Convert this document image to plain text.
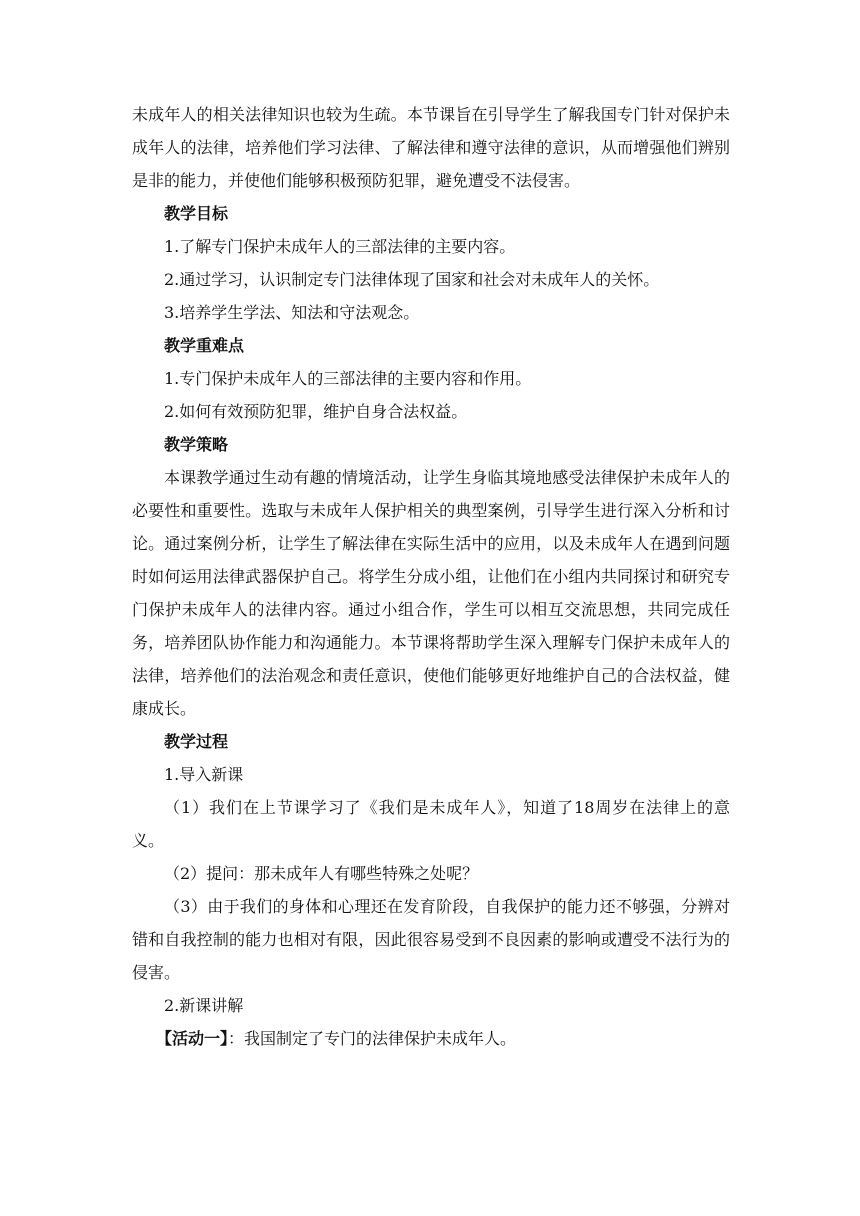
未成年人的相关法律知识也较为生疏。本节课旨在引导学生了解我国专门针对保护未成年人的法律，培养他们学习法律、了解法律和遵守法律的意识，从而增强他们辨别是非的能力，并使他们能够积极预防犯罪，避免遭受不法侵害。

教学目标

1.了解专门保护未成年人的三部法律的主要内容。

2.通过学习，认识制定专门法律体现了国家和社会对未成年人的关怀。

3.培养学生学法、知法和守法观念。

教学重难点

1.专门保护未成年人的三部法律的主要内容和作用。

2.如何有效预防犯罪，维护自身合法权益。

教学策略

本课教学通过生动有趣的情境活动，让学生身临其境地感受法律保护未成年人的必要性和重要性。选取与未成年人保护相关的典型案例，引导学生进行深入分析和讨论。通过案例分析，让学生了解法律在实际生活中的应用，以及未成年人在遇到问题时如何运用法律武器保护自己。将学生分成小组，让他们在小组内共同探讨和研究专门保护未成年人的法律内容。通过小组合作，学生可以相互交流思想，共同完成任务，培养团队协作能力和沟通能力。本节课将帮助学生深入理解专门保护未成年人的法律，培养他们的法治观念和责任意识，使他们能够更好地维护自己的合法权益，健康成长。

教学过程

1.导入新课

（1）我们在上节课学习了《我们是未成年人》，知道了18周岁在法律上的意义。

（2）提问：那未成年人有哪些特殊之处呢？

（3）由于我们的身体和心理还在发育阶段，自我保护的能力还不够强，分辨对错和自我控制的能力也相对有限，因此很容易受到不良因素的影响或遭受不法行为的侵害。

2.新课讲解

【活动一】：我国制定了专门的法律保护未成年人。
